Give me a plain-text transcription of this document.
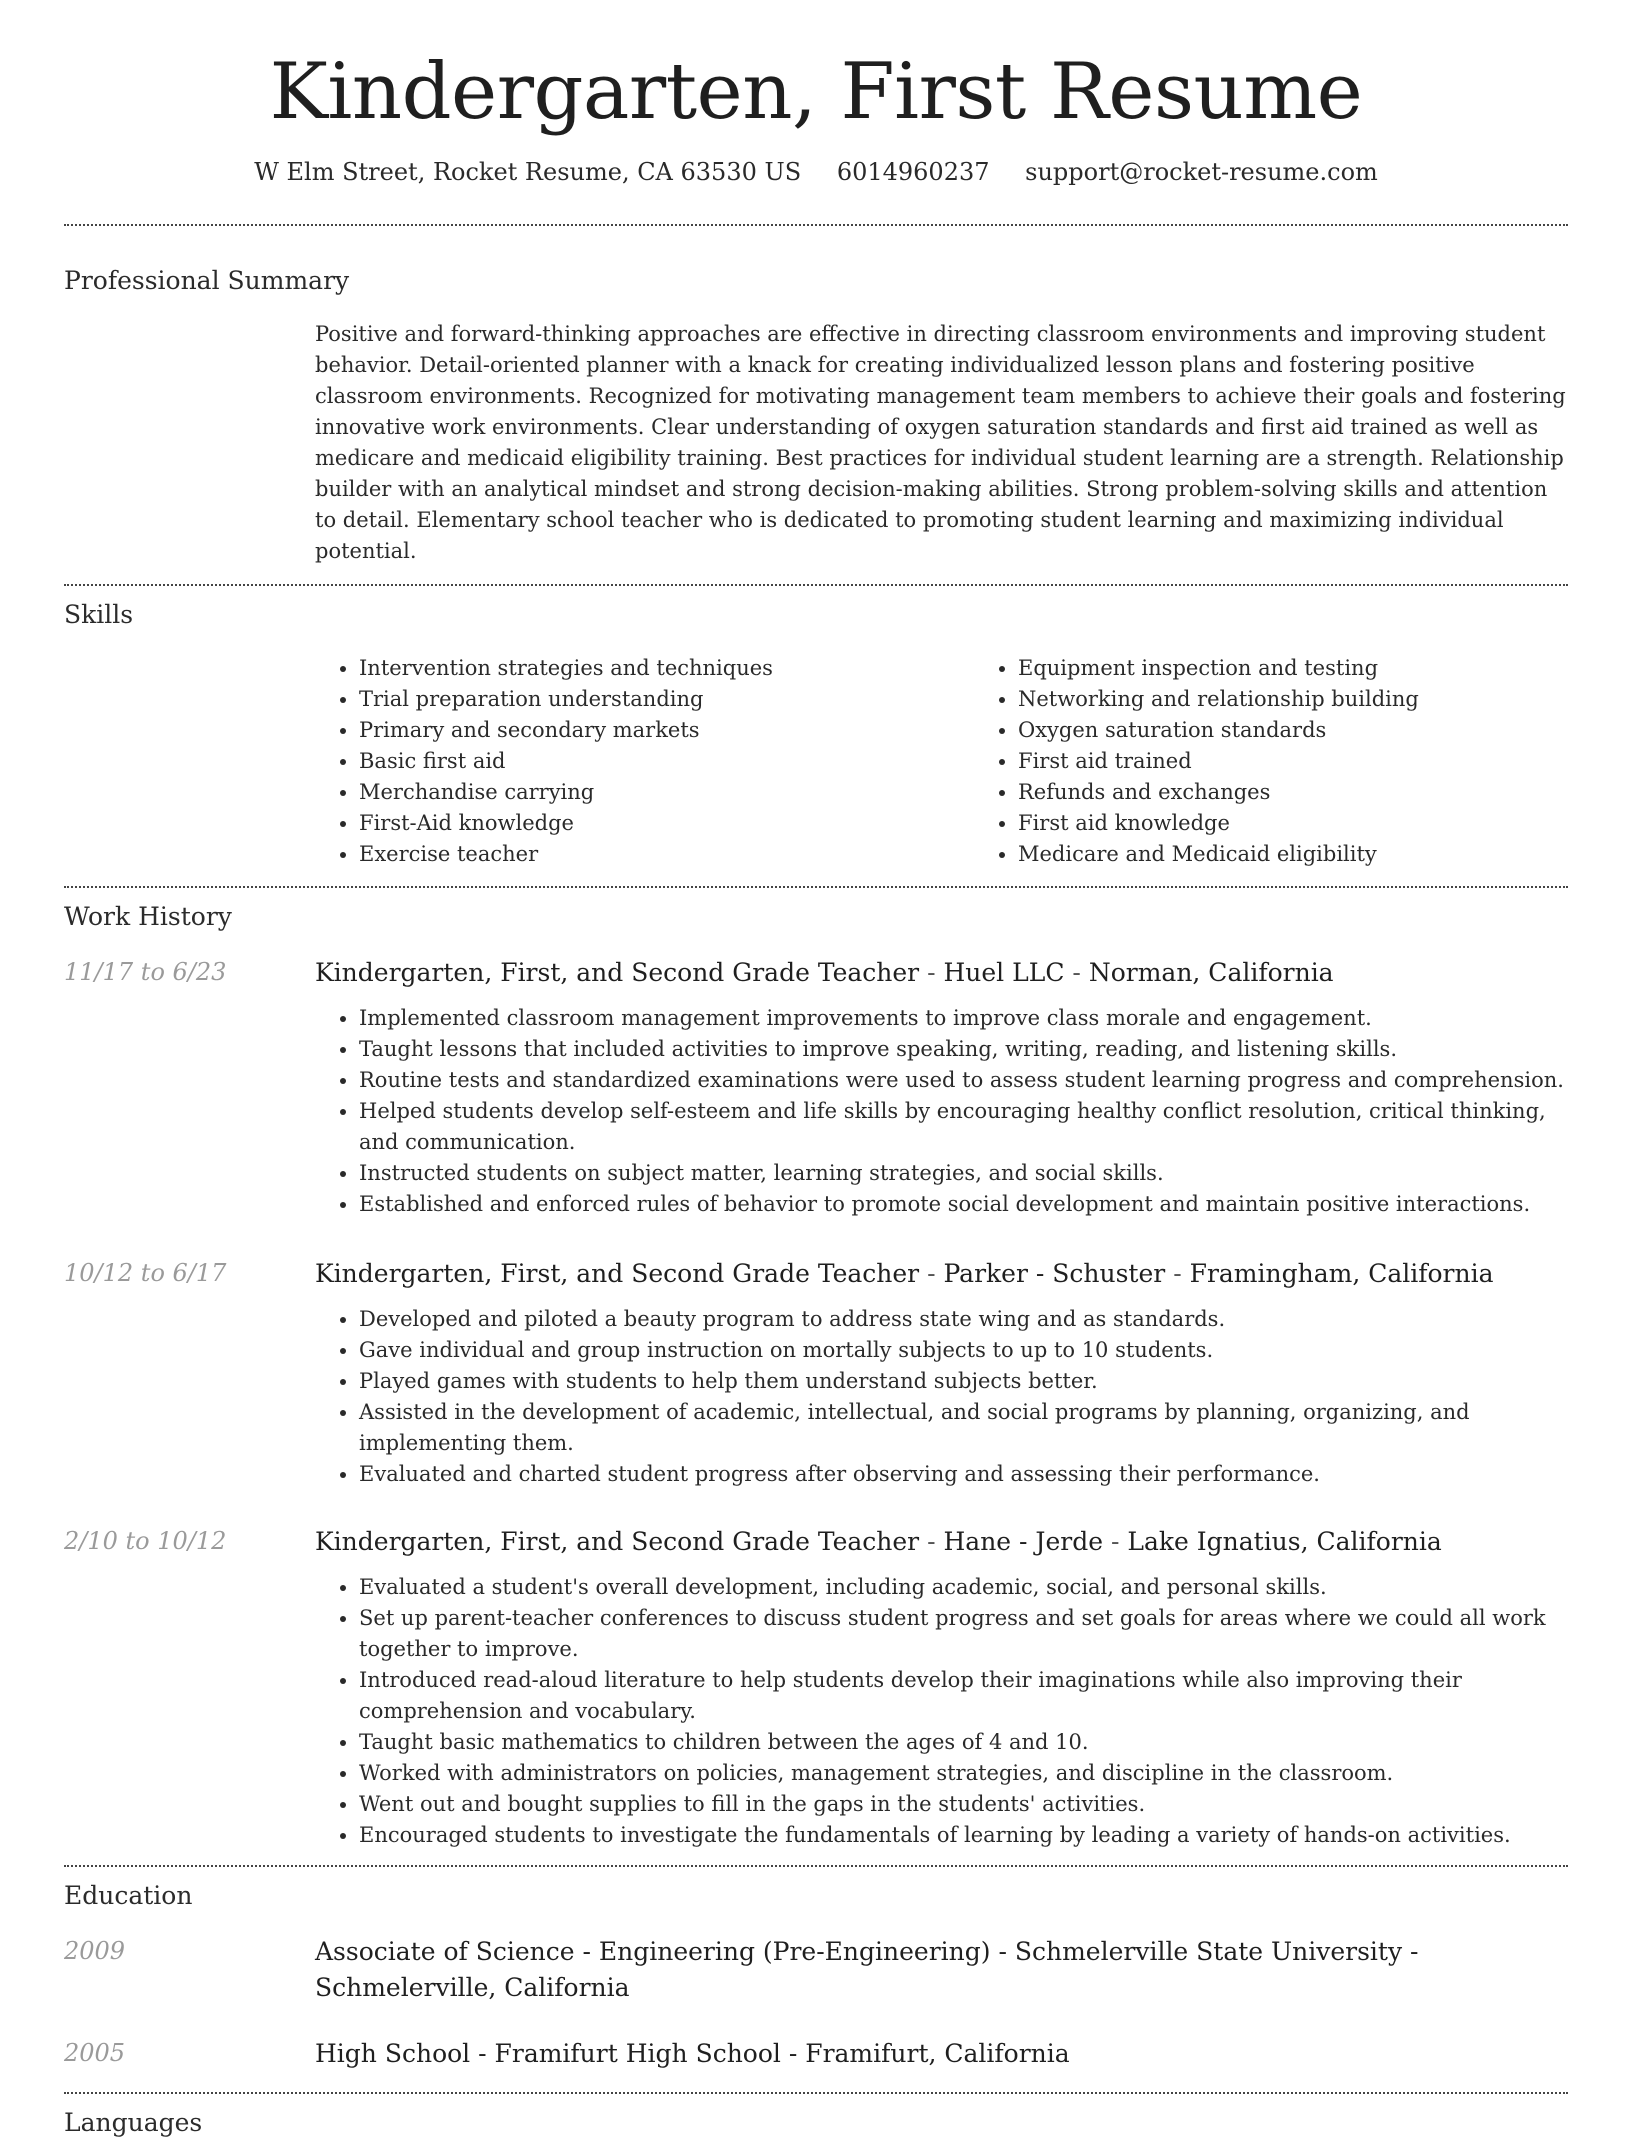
Kindergarten, First Resume
W Elm Street, Rocket Resume, CA 63530 US 6014960237 support@rocket-resume.com
Professional Summary

Positive and forward-thinking approaches are effective in directing classroom environments and improving student behavior. Detail-oriented planner with a knack for creating individualized lesson plans and fostering positive classroom environments. Recognized for motivating management team members to achieve their goals and fostering innovative work environments. Clear understanding of oxygen saturation standards and first aid trained as well as medicare and medicaid eligibility training. Best practices for individual student learning are a strength. Relationship builder with an analytical mindset and strong decision-making abilities. Strong problem-solving skills and attention to detail. Elementary school teacher who is dedicated to promoting student learning and maximizing individual potential.

Skills
• Intervention strategies and techniques
• Trial preparation understanding
• Primary and secondary markets
• Basic first aid
• Merchandise carrying
• First-Aid knowledge
• Exercise teacher
• Equipment inspection and testing
• Networking and relationship building
• Oxygen saturation standards
• First aid trained
• Refunds and exchanges
• First aid knowledge
• Medicare and Medicaid eligibility
Work History
11/17 to 6/23	Kindergarten, First, and Second Grade Teacher - Huel LLC - Norman, California
• Implemented classroom management improvements to improve class morale and engagement.
• Taught lessons that included activities to improve speaking, writing, reading, and listening skills.
• Routine tests and standardized examinations were used to assess student learning progress and comprehension.
• Helped students develop self-esteem and life skills by encouraging healthy conflict resolution, critical thinking, and communication.
• Instructed students on subject matter, learning strategies, and social skills.
• Established and enforced rules of behavior to promote social development and maintain positive interactions.
10/12 to 6/17	Kindergarten, First, and Second Grade Teacher - Parker - Schuster - Framingham, California
• Developed and piloted a beauty program to address state wing and as standards.
• Gave individual and group instruction on mortally subjects to up to 10 students.
• Played games with students to help them understand subjects better.
• Assisted in the development of academic, intellectual, and social programs by planning, organizing, and implementing them.
• Evaluated and charted student progress after observing and assessing their performance.
2/10 to 10/12	Kindergarten, First, and Second Grade Teacher - Hane - Jerde - Lake Ignatius, California
• Evaluated a student's overall development, including academic, social, and personal skills.
• Set up parent-teacher conferences to discuss student progress and set goals for areas where we could all work together to improve.
• Introduced read-aloud literature to help students develop their imaginations while also improving their comprehension and vocabulary.
• Taught basic mathematics to children between the ages of 4 and 10.
• Worked with administrators on policies, management strategies, and discipline in the classroom.
• Went out and bought supplies to fill in the gaps in the students' activities.
• Encouraged students to investigate the fundamentals of learning by leading a variety of hands-on activities.
Education
2009	Associate of Science - Engineering (Pre-Engineering) - Schmelerville State University - Schmelerville, California
2005	High School - Framifurt High School - Framifurt, California
Languages
